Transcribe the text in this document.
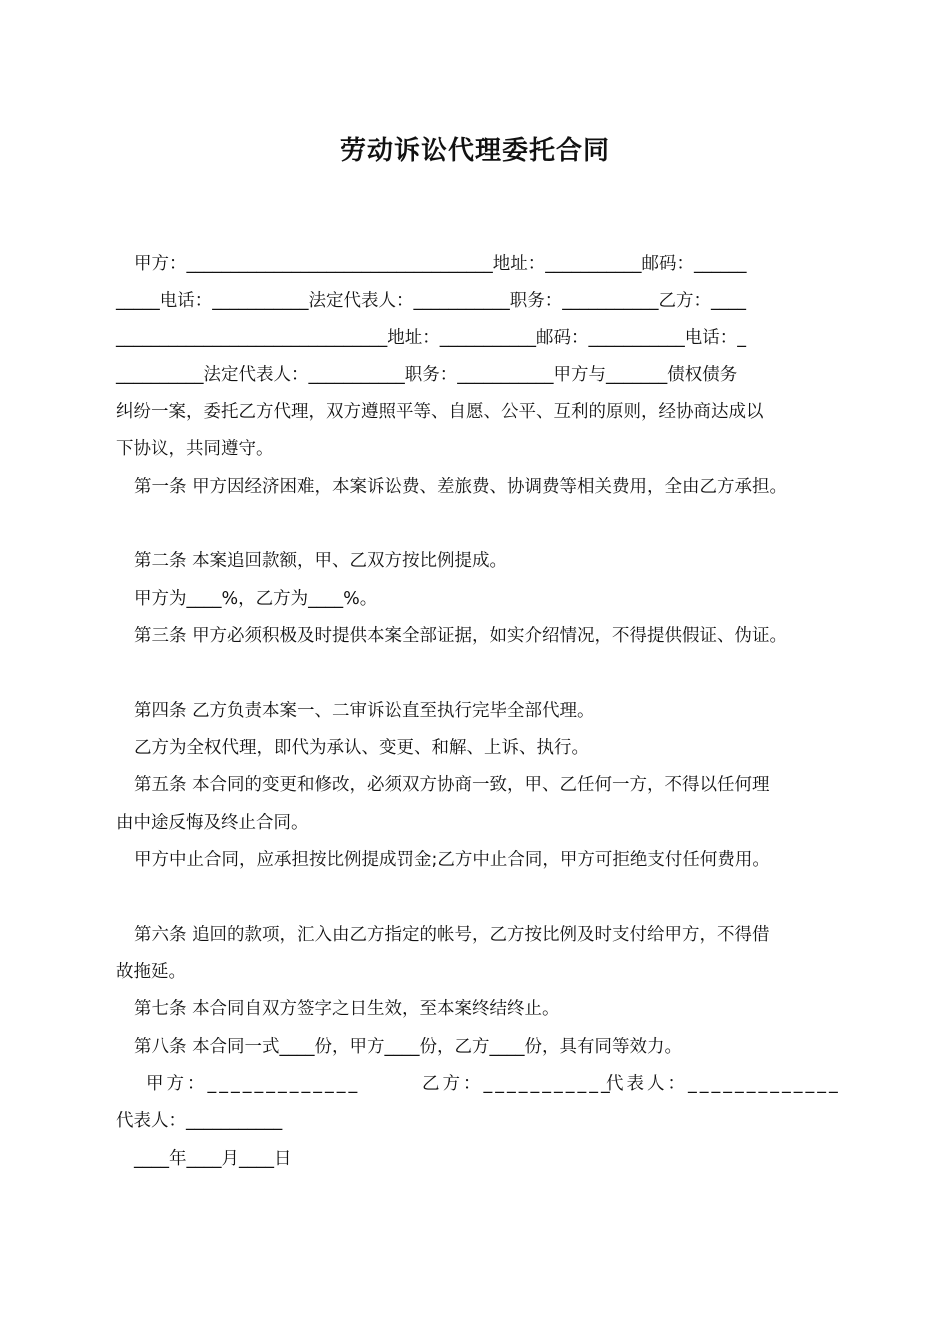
劳动诉讼代理委托合同
甲方：___________________________________地址：___________邮码：______
_____电话：___________法定代表人：___________职务：___________乙方：____
_______________________________地址：___________邮码：___________电话：_
__________法定代表人：___________职务：___________甲方与_______债权债务
纠纷一案，委托乙方代理，双方遵照平等、自愿、公平、互利的原则，经协商达成以
下协议，共同遵守。
第一条 甲方因经济困难，本案诉讼费、差旅费、协调费等相关费用，全由乙方承担。
第二条 本案追回款额，甲、乙双方按比例提成。
甲方为____%，乙方为____%。
第三条 甲方必须积极及时提供本案全部证据，如实介绍情况，不得提供假证、伪证。
第四条 乙方负责本案一、二审诉讼直至执行完毕全部代理。
乙方为全权代理，即代为承认、变更、和解、上诉、执行。
第五条 本合同的变更和修改，必须双方协商一致，甲、乙任何一方，不得以任何理
由中途反悔及终止合同。
甲方中止合同，应承担按比例提成罚金;乙方中止合同，甲方可拒绝支付任何费用。
第六条 追回的款项，汇入由乙方指定的帐号，乙方按比例及时支付给甲方，不得借
故拖延。
第七条 本合同自双方签字之日生效，至本案终结终止。
第八条 本合同一式____份，甲方____份，乙方____份，具有同等效力。
甲方：_____________	乙方：___________
代表人：_____________
代表人：___________
____年____月____日
